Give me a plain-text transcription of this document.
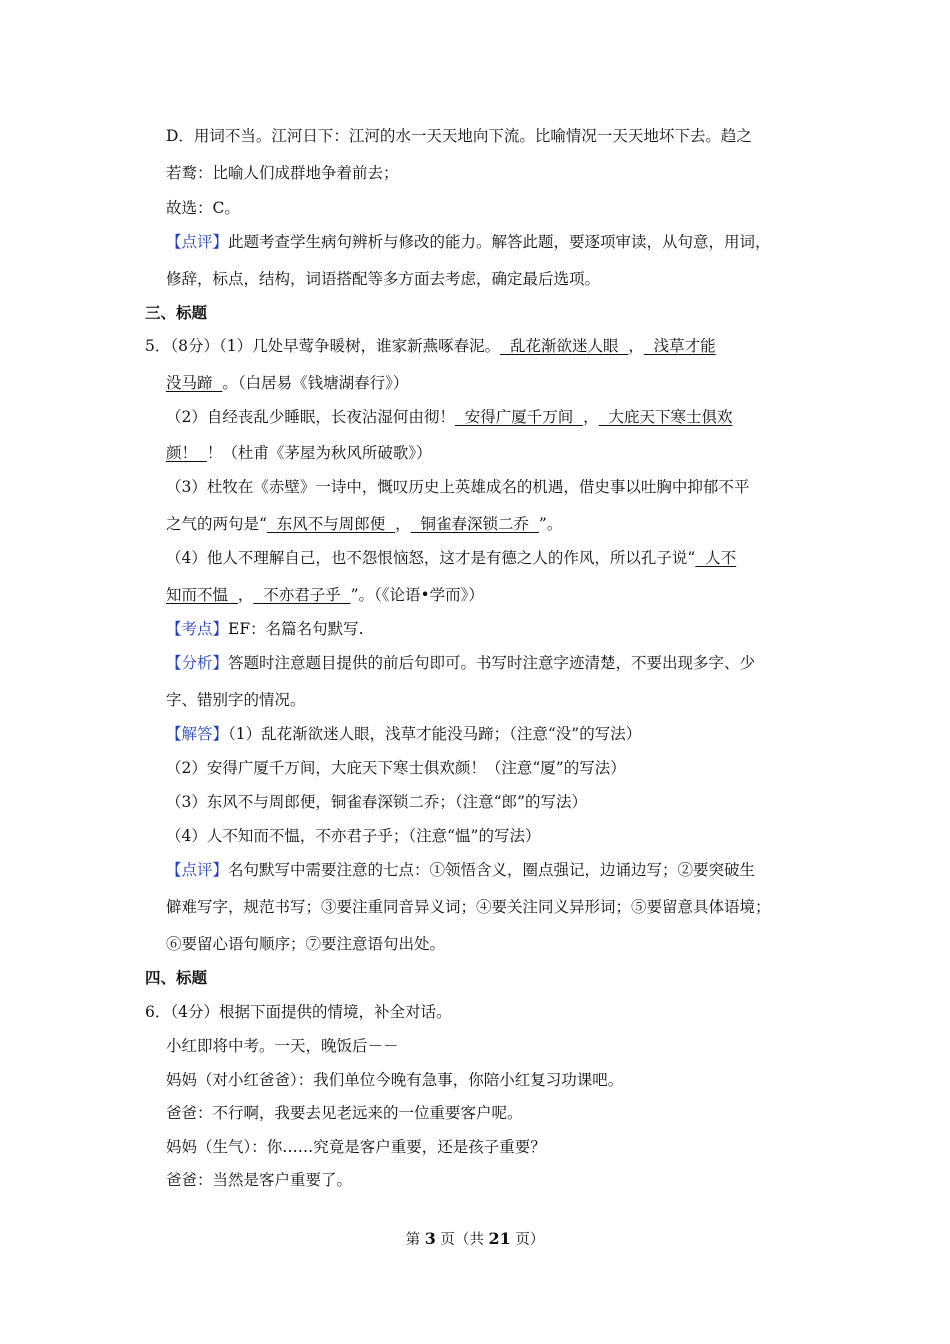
D．用词不当。江河日下：江河的水一天天地向下流。比喻情况一天天地坏下去。趋之
若鹜：比喻人们成群地争着前去；
故选：C。
【点评】此题考查学生病句辨析与修改的能力。解答此题，要逐项审读，从句意，用词，
修辞，标点，结构，词语搭配等多方面去考虑，确定最后选项。
三、标题
5．（8分）（1）几处早莺争暖树，谁家新燕啄春泥。  乱花渐欲迷人眼  ，  浅草才能
没马蹄  。（白居易《钱塘湖春行》）
（2）自经丧乱少睡眠，长夜沾湿何由彻！  安得广厦千万间  ，  大庇天下寒士俱欢
颜！  ！（杜甫《茅屋为秋风所破歌》）
（3）杜牧在《赤壁》一诗中，慨叹历史上英雄成名的机遇，借史事以吐胸中抑郁不平
之气的两句是“  东风不与周郎便  ，  铜雀春深锁二乔  ”。
（4）他人不理解自己，也不怨恨恼怒，这才是有德之人的作风，所以孔子说“  人不
知而不愠  ，  不亦君子乎  ”。（《论语•学而》）
【考点】EF：名篇名句默写.
【分析】答题时注意题目提供的前后句即可。书写时注意字迹清楚，不要出现多字、少
字、错别字的情况。
【解答】（1）乱花渐欲迷人眼，浅草才能没马蹄；（注意“没”的写法）
（2）安得广厦千万间，大庇天下寒士俱欢颜！（注意“厦”的写法）
（3）东风不与周郎便，铜雀春深锁二乔；（注意“郎”的写法）
（4）人不知而不愠，不亦君子乎；（注意“愠”的写法）
【点评】名句默写中需要注意的七点：①领悟含义，圈点强记，边诵边写；②要突破生
僻难写字，规范书写；③要注重同音异义词；④要关注同义异形词；⑤要留意具体语境；
⑥要留心语句顺序；⑦要注意语句出处。
四、标题
6．（4分）根据下面提供的情境，补全对话。
小红即将中考。一天，晚饭后－－
妈妈（对小红爸爸）：我们单位今晚有急事，你陪小红复习功课吧。
爸爸：不行啊，我要去见老远来的一位重要客户呢。
妈妈（生气）：你……究竟是客户重要，还是孩子重要？
爸爸：当然是客户重要了。
第 3 页（共 21 页）
